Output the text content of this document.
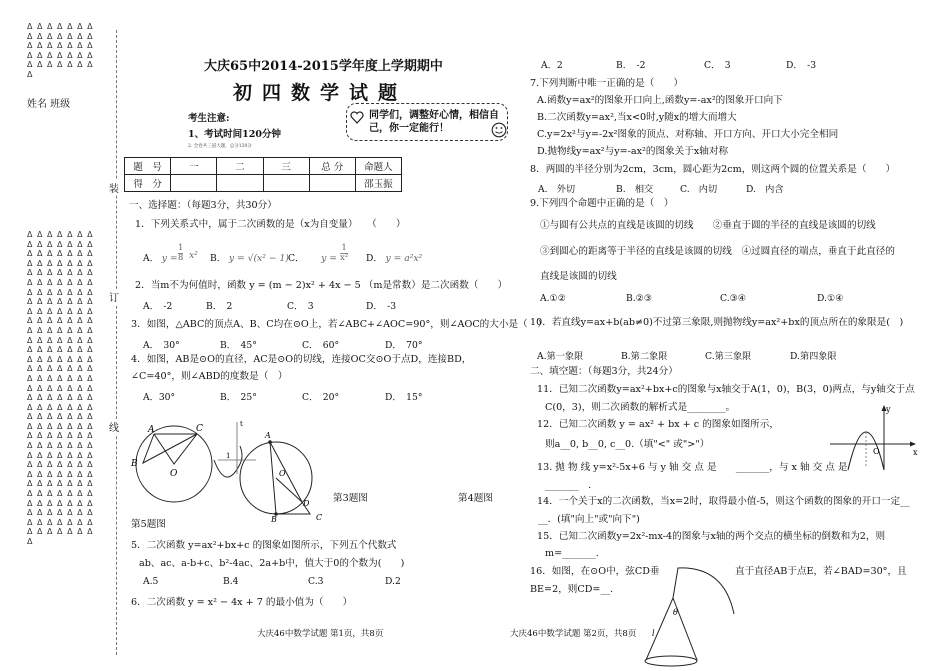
Δ Δ Δ Δ Δ Δ Δ
Δ Δ Δ Δ Δ Δ Δ
Δ Δ Δ Δ Δ Δ Δ
Δ Δ Δ Δ Δ Δ Δ
Δ Δ Δ Δ Δ Δ Δ
Δ
姓名 班级
Δ Δ Δ Δ Δ Δ Δ
Δ Δ Δ Δ Δ Δ Δ
Δ Δ Δ Δ Δ Δ Δ
Δ Δ Δ Δ Δ Δ Δ
Δ Δ Δ Δ Δ Δ Δ
Δ Δ Δ Δ Δ Δ Δ
Δ Δ Δ Δ Δ Δ Δ
Δ Δ Δ Δ Δ Δ Δ
Δ Δ Δ Δ Δ Δ Δ
Δ Δ Δ Δ Δ Δ Δ
Δ Δ Δ Δ Δ Δ Δ
Δ Δ Δ Δ Δ Δ Δ
Δ Δ Δ Δ Δ Δ Δ
Δ Δ Δ Δ Δ Δ Δ
Δ Δ Δ Δ Δ Δ Δ
Δ Δ Δ Δ Δ Δ Δ
Δ Δ Δ Δ Δ Δ Δ
Δ Δ Δ Δ Δ Δ Δ
Δ Δ Δ Δ Δ Δ Δ
Δ Δ Δ Δ Δ Δ Δ
Δ Δ Δ Δ Δ Δ Δ
Δ Δ Δ Δ Δ Δ Δ
Δ Δ Δ Δ Δ Δ Δ
Δ Δ Δ Δ Δ Δ Δ
Δ Δ Δ Δ Δ Δ Δ
Δ Δ Δ Δ Δ Δ Δ
Δ Δ Δ Δ Δ Δ Δ
Δ Δ Δ Δ Δ Δ Δ
Δ Δ Δ Δ Δ Δ Δ
Δ Δ Δ Δ Δ Δ Δ
Δ Δ Δ Δ Δ Δ Δ
Δ Δ Δ Δ Δ Δ Δ
Δ
装
订
线
大庆65中2014-2015学年度上学期期中
初四数学试题
考生注意:
1、考试时间120分钟
2. 全卷共三道大题，总分120分
同学们，调整好心情，相信自己，你一定能行！
题　号	一	二	三	总 分	命题人
得　分					邵玉振
一、选择题：（每题3分，共30分）
1．下列关系式中，属于二次函数的是（x为自变量）　　（　　）
A． $y = \frac{1}{8} x^2$ B． y = √(x² − 1) C． $y = \frac{1}{\text{x²}}$ D． y = a²x²
2．当m不为何值时，函数 y = (m − 2)x² + 4x − 5 （m是常数）是二次函数（　　）
A．　-2	B．　2	C．　3	D．　-3
3．如图，△ABC的顶点A、B、C均在⊙O上，若∠ABC+∠AOC=90°，则∠AOC的大小是（　）
A．　30°	B．　45°	C．　60°	D．　70°
4．如图，AB是⊙O的直径，AC是⊙O的切线，连接OC交⊙O于点D，连接BD，
∠C=40°，则∠ABD的度数是（　）
A．30°	B．　25°	C．　20°	D．　15°
A	C
B
O
A
B
O
D
C
t
1
第3题图	第4题图
第5题图
5．二次函数 y=ax²+bx+c 的图象如图所示，下列五个代数式
ab、ac、a-b+c、b²-4ac、2a+b中，值大于0的个数为(　　)
A.5	B.4	C.3	D.2
6．二次函数 y = x² − 4x + 7 的最小值为（　　）
大庆46中数学试题 第1页，共8页
A．2	B．　-2	C．　3	D．　-3
7.下列判断中唯一正确的是（　　）
A.函数y=ax²的图象开口向上,函数y=-ax²的图象开口向下
B.二次函数y=ax²,当x<0时,y随x的增大而增大
C.y=2x²与y=-2x²图象的顶点、对称轴、开口方向、开口大小完全相同
D.抛物线y=ax²与y=-ax²的图象关于x轴对称
8．两圆的半径分别为2cm，3cm，圆心距为2cm，则这两个圆的位置关系是（　　）
A.　外切	B.　相交	C.　内切	D.　内含
9.下列四个命题中正确的是（　）
①与圆有公共点的直线是该圆的切线　　②垂直于圆的半径的直线是该圆的切线
③到圆心的距离等于半径的直线是该圆的切线　④过圆直径的端点，垂直于此直径的
直线是该圆的切线
A.①②	B.②③	C.③④	D.①④
10．若直线y=ax+b(ab≠0)不过第三象限,则抛物线y=ax²+bx的顶点所在的象限是(　)
A.第一象限	B.第二象限	C.第三象限	D.第四象限
二、填空题：（每题3分，共24分）
11．已知二次函数y=ax²+bx+c的图象与x轴交于A(1，0)，B(3，0)两点，与y轴交于点
C(0，3)，则二次函数的解析式是________。
12．已知二次函数 y = ax² + bx + c 的图象如图所示，
则a__0, b__0, c__0.（填"<" 或">"）
y
x
O
13. 抛 物 线 y=x²-5x+6 与 y 轴 交 点 是　　_______，与 x 轴 交 点 是
_______　.
14．一个关于x的二次函数，当x=2时，取得最小值-5，则这个函数的图象的开口一定__
__．(填"向上"或"向下")
15．已知二次函数y=2x²-mx-4的图象与x轴的两个交点的横坐标的倒数和为2，则
m=_______.
16．如图，在⊙O中，弦CD垂	直于直径AB于点E，若∠BAD=30°，且
BE=2，则CD=__.
θ
l
大庆46中数学试题 第2页，共8页
